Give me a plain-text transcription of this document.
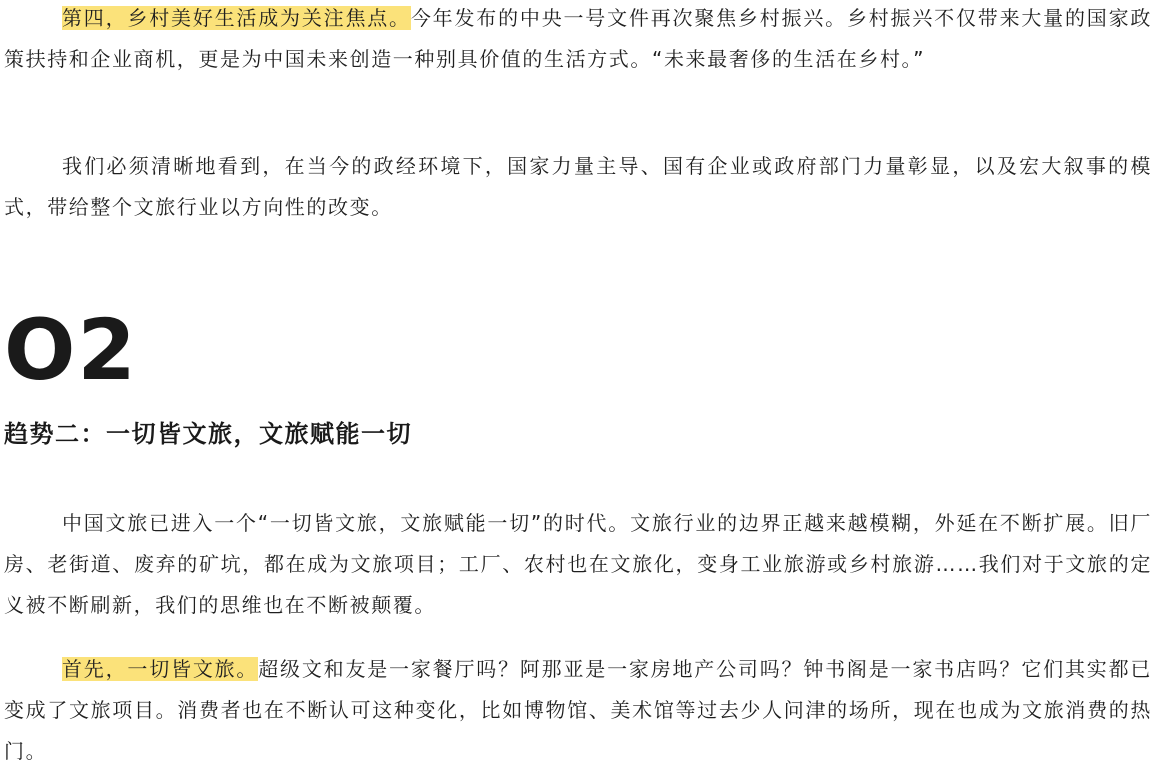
第四，乡村美好生活成为关注焦点。今年发布的中央一号文件再次聚焦乡村振兴。乡村振兴不仅带来大量的国家政策扶持和企业商机，更是为中国未来创造一种别具价值的生活方式。“未来最奢侈的生活在乡村。”

我们必须清晰地看到，在当今的政经环境下，国家力量主导、国有企业或政府部门力量彰显，以及宏大叙事的模式，带给整个文旅行业以方向性的改变。

O2
趋势二：一切皆文旅，文旅赋能一切

中国文旅已进入一个“一切皆文旅，文旅赋能一切”的时代。文旅行业的边界正越来越模糊，外延在不断扩展。旧厂房、老街道、废弃的矿坑，都在成为文旅项目；工厂、农村也在文旅化，变身工业旅游或乡村旅游……我们对于文旅的定义被不断刷新，我们的思维也在不断被颠覆。

首先，一切皆文旅。超级文和友是一家餐厅吗？阿那亚是一家房地产公司吗？钟书阁是一家书店吗？它们其实都已变成了文旅项目。消费者也在不断认可这种变化，比如博物馆、美术馆等过去少人问津的场所，现在也成为文旅消费的热门。
